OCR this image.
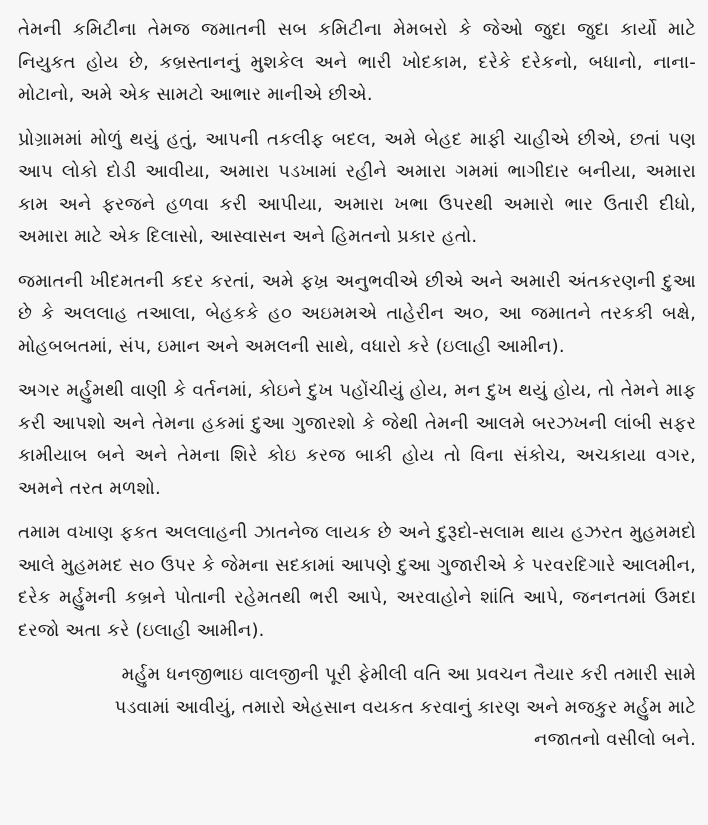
તેમની કમિટીના તેમજ જમાતની સબ કમિટીના મેમબરો કે જેઓ જુદા જુદા કાર્યો માટે નિયુકત હોય છે, કબ્રસ્તાનનું મુશકેલ અને ભારી ખોદકામ, દરેકે દરેકનો, બધાનો, નાના-મોટાનો, અમે એક સામટો આભાર માનીએ છીએ.

પ્રોગ્રામમાં મોળું થયું હતું, આપની તકલીફ બદલ, અમે બેહદ માફી ચાહીએ છીએ, છતાં પણ આપ લોકો દોડી આવીયા, અમારા પડખામાં રહીને અમારા ગમમાં ભાગીદાર બનીયા, અમારા કામ અને ફરજને હળવા કરી આપીયા, અમારા ખભા ઉપરથી અમારો ભાર ઉતારી દીધો, અમારા માટે એક દિલાસો, આસ્વાસન અને હિમતનો પ્રકાર હતો.

જમાતની ખીદમતની કદર કરતાં, અમે ફખ્ર અનુભવીએ છીએ અને અમારી અંતકરણની દુઆ છે કે અલલાહ તઆલા, બેહકકે હ૦ અઇમમએ તાહેરીન અ૦, આ જમાતને તરકકી બક્ષે, મોહબબતમાં, સંપ, ઇમાન અને અમલની સાથે, વધારો કરે (ઇલાહી આમીન).

અગર મર્હુમથી વાણી કે વર્તનમાં, કોઇને દુખ પહોંચીયું હોય, મન દુખ થયું હોય, તો તેમને માફ કરી આપશો અને તેમના હકમાં દુઆ ગુજારશો કે જેથી તેમની આલમે બરઝખની લાંબી સફર કામીયાબ બને અને તેમના શિરે કોઇ કરજ બાકી હોય તો વિના સંકોચ, અચકાયા વગર, અમને તરત મળશો.

તમામ વખાણ ફકત અલલાહની ઝાતનેજ લાયક છે અને દુરૂદો-સલામ થાય હઝરત મુહમમદો આલે મુહમમદ સ૦ ઉપર કે જેમના સદકામાં આપણે દુઆ ગુજારીએ કે પરવરદિગારે આલમીન, દરેક મર્હુમની કબ્રને પોતાની રહેમતથી ભરી આપે, અરવાહોને શાંતિ આપે, જનનતમાં ઉમદા દરજો અતા કરે (ઇલાહી આમીન).

મર્હુમ ધનજીભાઇ વાલજીની પૂરી ફેમીલી વતિ આ પ્રવચન તૈયાર કરી તમારી સામે પડવામાં આવીયું, તમારો એહસાન વયકત કરવાનું કારણ અને મજકુર મર્હુમ માટે નજાતનો વસીલો બને.
